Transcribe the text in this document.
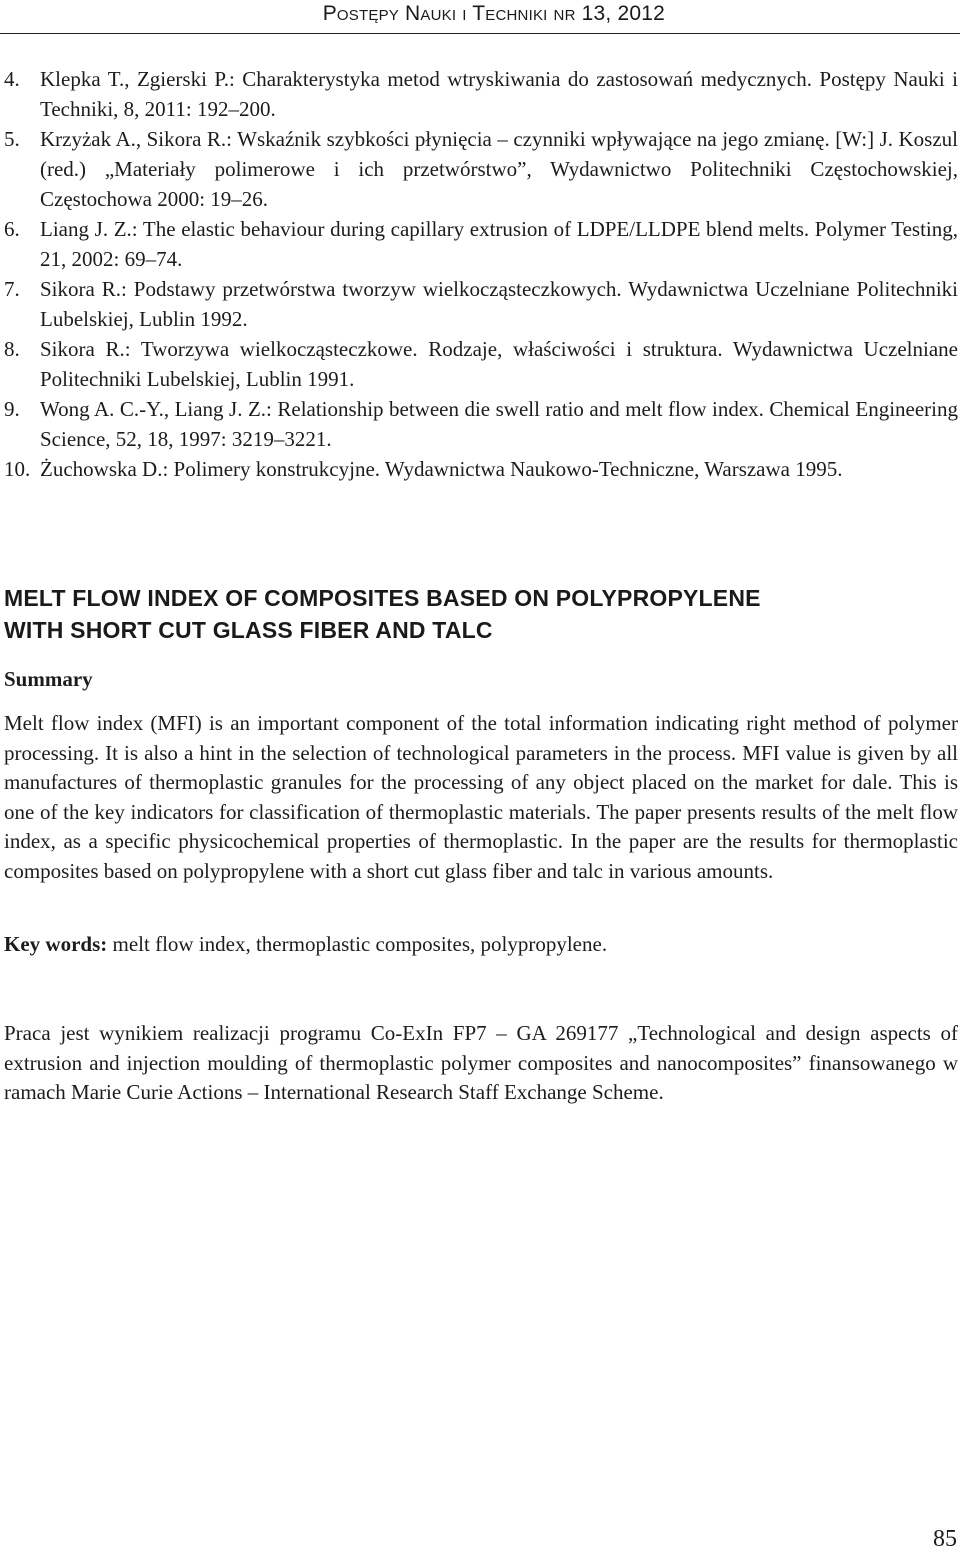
Postępy Nauki i Techniki nr 13, 2012
4. Klepka T., Zgierski P.: Charakterystyka metod wtryskiwania do zastosowań medycznych. Postępy Nauki i Techniki, 8, 2011: 192–200.
5. Krzyżak A., Sikora R.: Wskaźnik szybkości płynięcia – czynniki wpływające na jego zmianę. [W:] J. Koszul (red.) „Materiały polimerowe i ich przetwórstwo”, Wydawnictwo Politechniki Częstochowskiej, Częstochowa 2000: 19–26.
6. Liang J. Z.: The elastic behaviour during capillary extrusion of LDPE/LLDPE blend melts. Polymer Testing, 21, 2002: 69–74.
7. Sikora R.: Podstawy przetwórstwa tworzyw wielkocząsteczkowych. Wydawnictwa Uczelniane Politechniki Lubelskiej, Lublin 1992.
8. Sikora R.: Tworzywa wielkocząsteczkowe. Rodzaje, właściwości i struktura. Wydawnictwa Uczelniane Politechniki Lubelskiej, Lublin 1991.
9. Wong A. C.-Y., Liang J. Z.: Relationship between die swell ratio and melt flow index. Chemical Engineering Science, 52, 18, 1997: 3219–3221.
10. Żuchowska D.: Polimery konstrukcyjne. Wydawnictwa Naukowo-Techniczne, Warszawa 1995.
MELT FLOW INDEX OF COMPOSITES BASED ON POLYPROPYLENE
WITH SHORT CUT GLASS FIBER AND TALC
Summary

Melt flow index (MFI) is an important component of the total information indicating right method of polymer processing. It is also a hint in the selection of technological parameters in the process. MFI value is given by all manufactures of thermoplastic granules for the processing of any object placed on the market for dale. This is one of the key indicators for classification of thermoplastic materials. The paper presents results of the melt flow index, as a specific physicochemical properties of thermoplastic. In the paper are the results for thermoplastic composites based on polypropylene with a short cut glass fiber and talc in various amounts.

Key words: melt flow index, thermoplastic composites, polypropylene.

Praca jest wynikiem realizacji programu Co-ExIn FP7 – GA 269177 „Technological and design aspects of extrusion and injection moulding of thermoplastic polymer composites and nanocomposites” finansowanego w ramach Marie Curie Actions – International Research Staff Exchange Scheme.

85
